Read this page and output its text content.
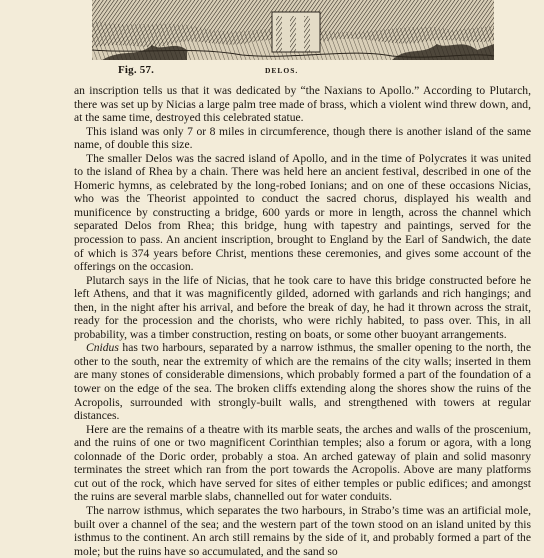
Fig. 57.	DELOS.

an inscription tells us that it was dedicated by “the Naxians to Apollo.” According to Plutarch, there was set up by Nicias a large palm tree made of brass, which a violent wind threw down, and, at the same time, destroyed this celebrated statue.

This island was only 7 or 8 miles in circumference, though there is another island of the same name, of double this size.

The smaller Delos was the sacred island of Apollo, and in the time of Polycrates it was united to the island of Rhea by a chain. There was held here an ancient festival, described in one of the Homeric hymns, as celebrated by the long-robed Ionians; and on one of these occasions Nicias, who was the Theorist appointed to conduct the sacred chorus, displayed his wealth and munificence by constructing a bridge, 600 yards or more in length, across the channel which separated Delos from Rhea; this bridge, hung with tapestry and paintings, served for the procession to pass. An ancient inscription, brought to England by the Earl of Sandwich, the date of which is 374 years before Christ, mentions these ceremonies, and gives some account of the offerings on the occasion.

Plutarch says in the life of Nicias, that he took care to have this bridge constructed before he left Athens, and that it was magnificently gilded, adorned with garlands and rich hangings; and then, in the night after his arrival, and before the break of day, he had it thrown across the strait, ready for the procession and the chorists, who were richly habited, to pass over. This, in all probability, was a timber construction, resting on boats, or some other buoyant arrangements.

Cnidus has two harbours, separated by a narrow isthmus, the smaller opening to the north, the other to the south, near the extremity of which are the remains of the city walls; inserted in them are many stones of considerable dimensions, which probably formed a part of the foundation of a tower on the edge of the sea. The broken cliffs extending along the shores show the ruins of the Acropolis, surrounded with strongly-built walls, and strengthened with towers at regular distances.

Here are the remains of a theatre with its marble seats, the arches and walls of the proscenium, and the ruins of one or two magnificent Corinthian temples; also a forum or agora, with a long colonnade of the Doric order, probably a stoa. An arched gateway of plain and solid masonry terminates the street which ran from the port towards the Acropolis. Above are many platforms cut out of the rock, which have served for sites of either temples or public edifices; and amongst the ruins are several marble slabs, channelled out for water conduits.

The narrow isthmus, which separates the two harbours, in Strabo’s time was an artificial mole, built over a channel of the sea; and the western part of the town stood on an island united by this isthmus to the continent. An arch still remains by the side of it, and probably formed a part of the mole; but the ruins have so accumulated, and the sand so
